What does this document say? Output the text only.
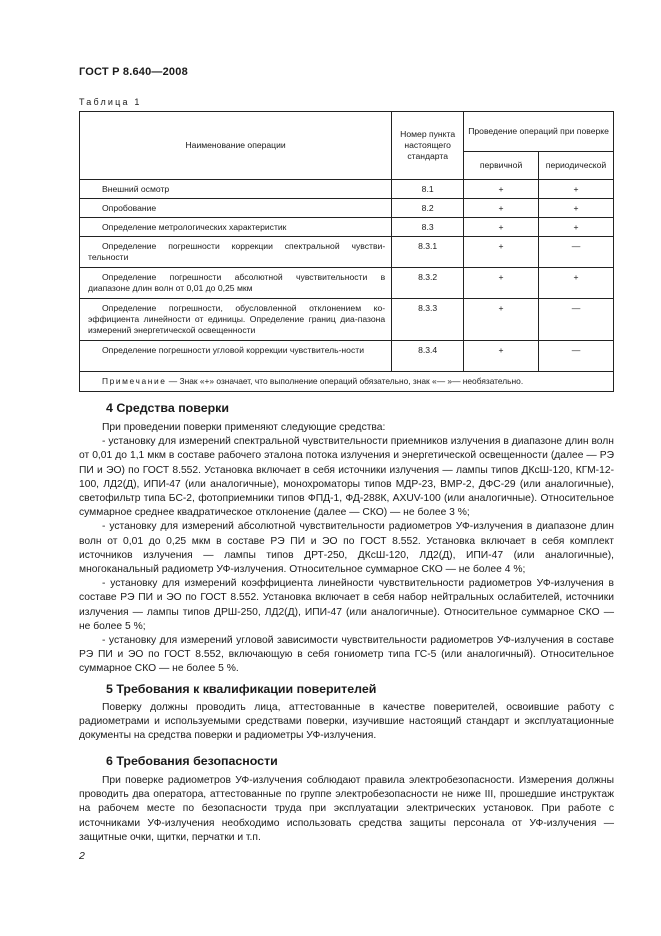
ГОСТ Р 8.640—2008
Таблица 1
Наименование операции	Номер пункта настоящего стандарта	Проведение операций при поверке	
		первичной	периодической
Внешний осмотр	8.1	+	+
Опробование	8.2	+	+
Определение метрологических характеристик	8.3	+	+
Определение погрешности коррекции спектральной чувстви-тельности	8.3.1	+	—
Определение погрешности абсолютной чувствительности в диапазоне длин волн от 0,01 до 0,25 мкм	8.3.2	+	+
Определение погрешности, обусловленной отклонением ко-эффициента линейности от единицы. Определение границ диа-пазона измерений энергетической освещенности	8.3.3	+	—
Определение погрешности угловой коррекции чувствитель-ности	8.3.4	+	—
Примечание — Знак «+» означает, что выполнение операций обязательно, знак «— »— необязательно.			
4 Средства поверки

При проведении поверки применяют следующие средства:

- установку для измерений спектральной чувствительности приемников излучения в диапазоне длин волн от 0,01 до 1,1 мкм в составе рабочего эталона потока излучения и энергетической освещенности (далее — РЭ ПИ и ЭО) по ГОСТ 8.552. Установка включает в себя источники излучения — лампы типов ДКсШ-120, КГМ-12-100, ЛД2(Д), ИПИ-47 (или аналогичные), монохроматоры типов МДР-23, ВМР-2, ДФС-29 (или аналогичные), светофильтр типа БС-2, фотоприемники типов ФПД-1, ФД-288К, AXUV-100 (или аналогичные). Относительное суммарное среднее квадратическое отклонение (далее — СКО) — не более 3 %;

- установку для измерений абсолютной чувствительности радиометров УФ-излучения в диапазоне длин волн от 0,01 до 0,25 мкм в составе РЭ ПИ и ЭО по ГОСТ 8.552. Установка включает в себя комплект источников излучения — лампы типов ДРТ-250, ДКсШ-120, ЛД2(Д), ИПИ-47 (или аналогичные), многоканальный радиометр УФ-излучения. Относительное суммарное СКО — не более 4 %;

- установку для измерений коэффициента линейности чувствительности радиометров УФ-излучения в составе РЭ ПИ и ЭО по ГОСТ 8.552. Установка включает в себя набор нейтральных ослабителей, источники излучения — лампы типов ДРШ-250, ЛД2(Д), ИПИ-47 (или аналогичные). Относительное суммарное СКО — не более 5 %;

- установку для измерений угловой зависимости чувствительности радиометров УФ-излучения в составе РЭ ПИ и ЭО по ГОСТ 8.552, включающую в себя гониометр типа ГС-5 (или аналогичный). Относительное суммарное СКО — не более 5 %.

5 Требования к квалификации поверителей

Поверку должны проводить лица, аттестованные в качестве поверителей, освоившие работу с радиометрами и используемыми средствами поверки, изучившие настоящий стандарт и эксплуатационные документы на средства поверки и радиометры УФ-излучения.

6 Требования безопасности

При поверке радиометров УФ-излучения соблюдают правила электробезопасности. Измерения должны проводить два оператора, аттестованные по группе электробезопасности не ниже III, прошедшие инструктаж на рабочем месте по безопасности труда при эксплуатации электрических установок. При работе с источниками УФ-излучения необходимо использовать средства защиты персонала от УФ-излучения — защитные очки, щитки, перчатки и т.п.

2
